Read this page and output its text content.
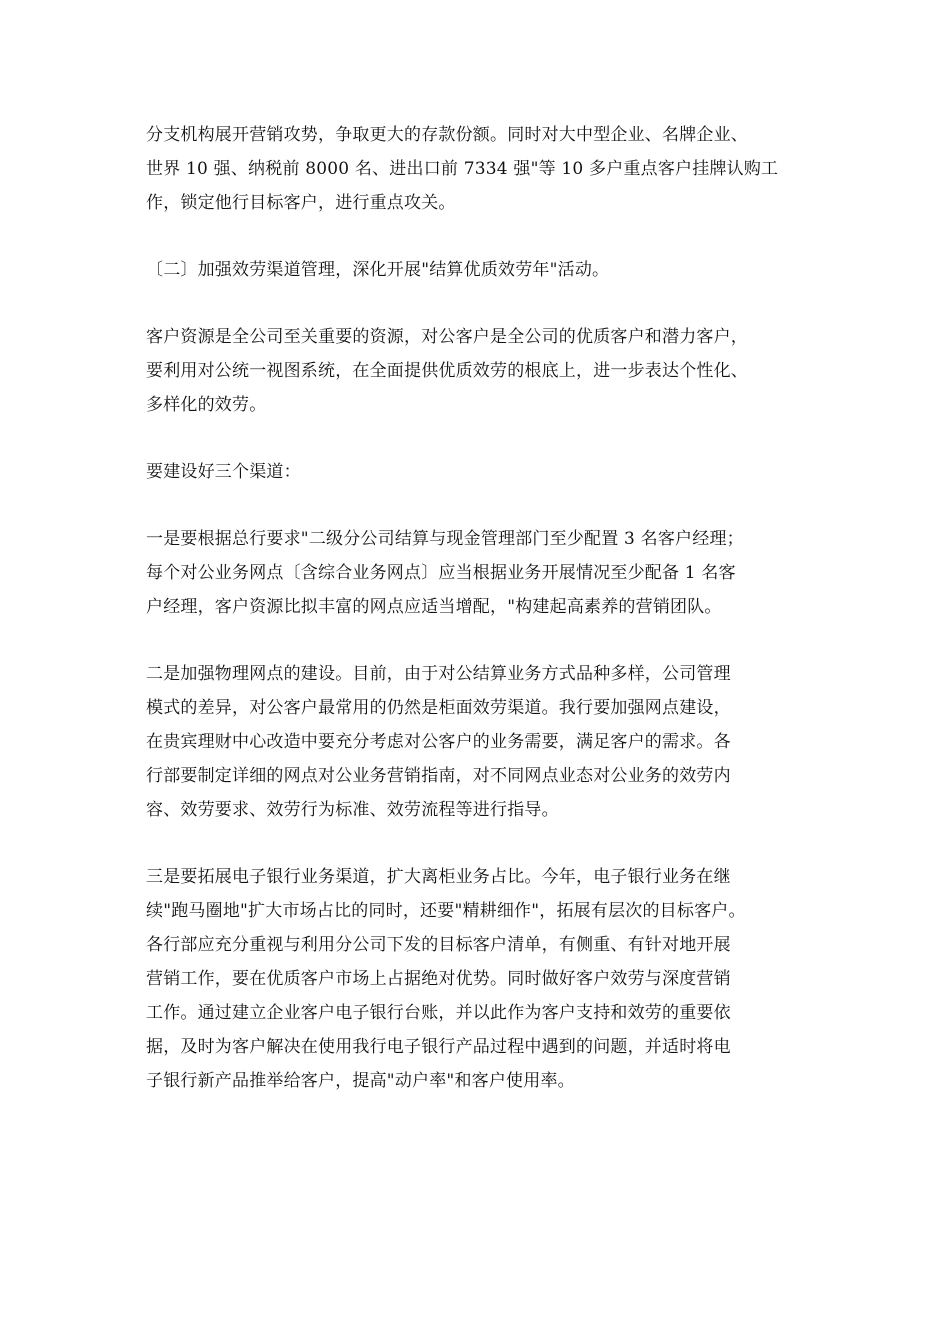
分支机构展开营销攻势，争取更大的存款份额。同时对大中型企业、名牌企业、
世界 10 强、纳税前 8000 名、进出口前 7334 强"等 10 多户重点客户挂牌认购工
作，锁定他行目标客户，进行重点攻关。

〔二〕加强效劳渠道管理，深化开展"结算优质效劳年"活动。

客户资源是全公司至关重要的资源，对公客户是全公司的优质客户和潜力客户，
要利用对公统一视图系统，在全面提供优质效劳的根底上，进一步表达个性化、
多样化的效劳。

要建设好三个渠道：

一是要根据总行要求"二级分公司结算与现金管理部门至少配置 3 名客户经理；
每个对公业务网点〔含综合业务网点〕应当根据业务开展情况至少配备 1 名客
户经理，客户资源比拟丰富的网点应适当增配，"构建起高素养的营销团队。

二是加强物理网点的建设。目前，由于对公结算业务方式品种多样，公司管理
模式的差异，对公客户最常用的仍然是柜面效劳渠道。我行要加强网点建设，
在贵宾理财中心改造中要充分考虑对公客户的业务需要，满足客户的需求。各
行部要制定详细的网点对公业务营销指南，对不同网点业态对公业务的效劳内
容、效劳要求、效劳行为标准、效劳流程等进行指导。

三是要拓展电子银行业务渠道，扩大离柜业务占比。今年，电子银行业务在继
续"跑马圈地"扩大市场占比的同时，还要"精耕细作"，拓展有层次的目标客户。
各行部应充分重视与利用分公司下发的目标客户清单，有侧重、有针对地开展
营销工作，要在优质客户市场上占据绝对优势。同时做好客户效劳与深度营销
工作。通过建立企业客户电子银行台账，并以此作为客户支持和效劳的重要依
据，及时为客户解决在使用我行电子银行产品过程中遇到的问题，并适时将电
子银行新产品推举给客户，提高"动户率"和客户使用率。
